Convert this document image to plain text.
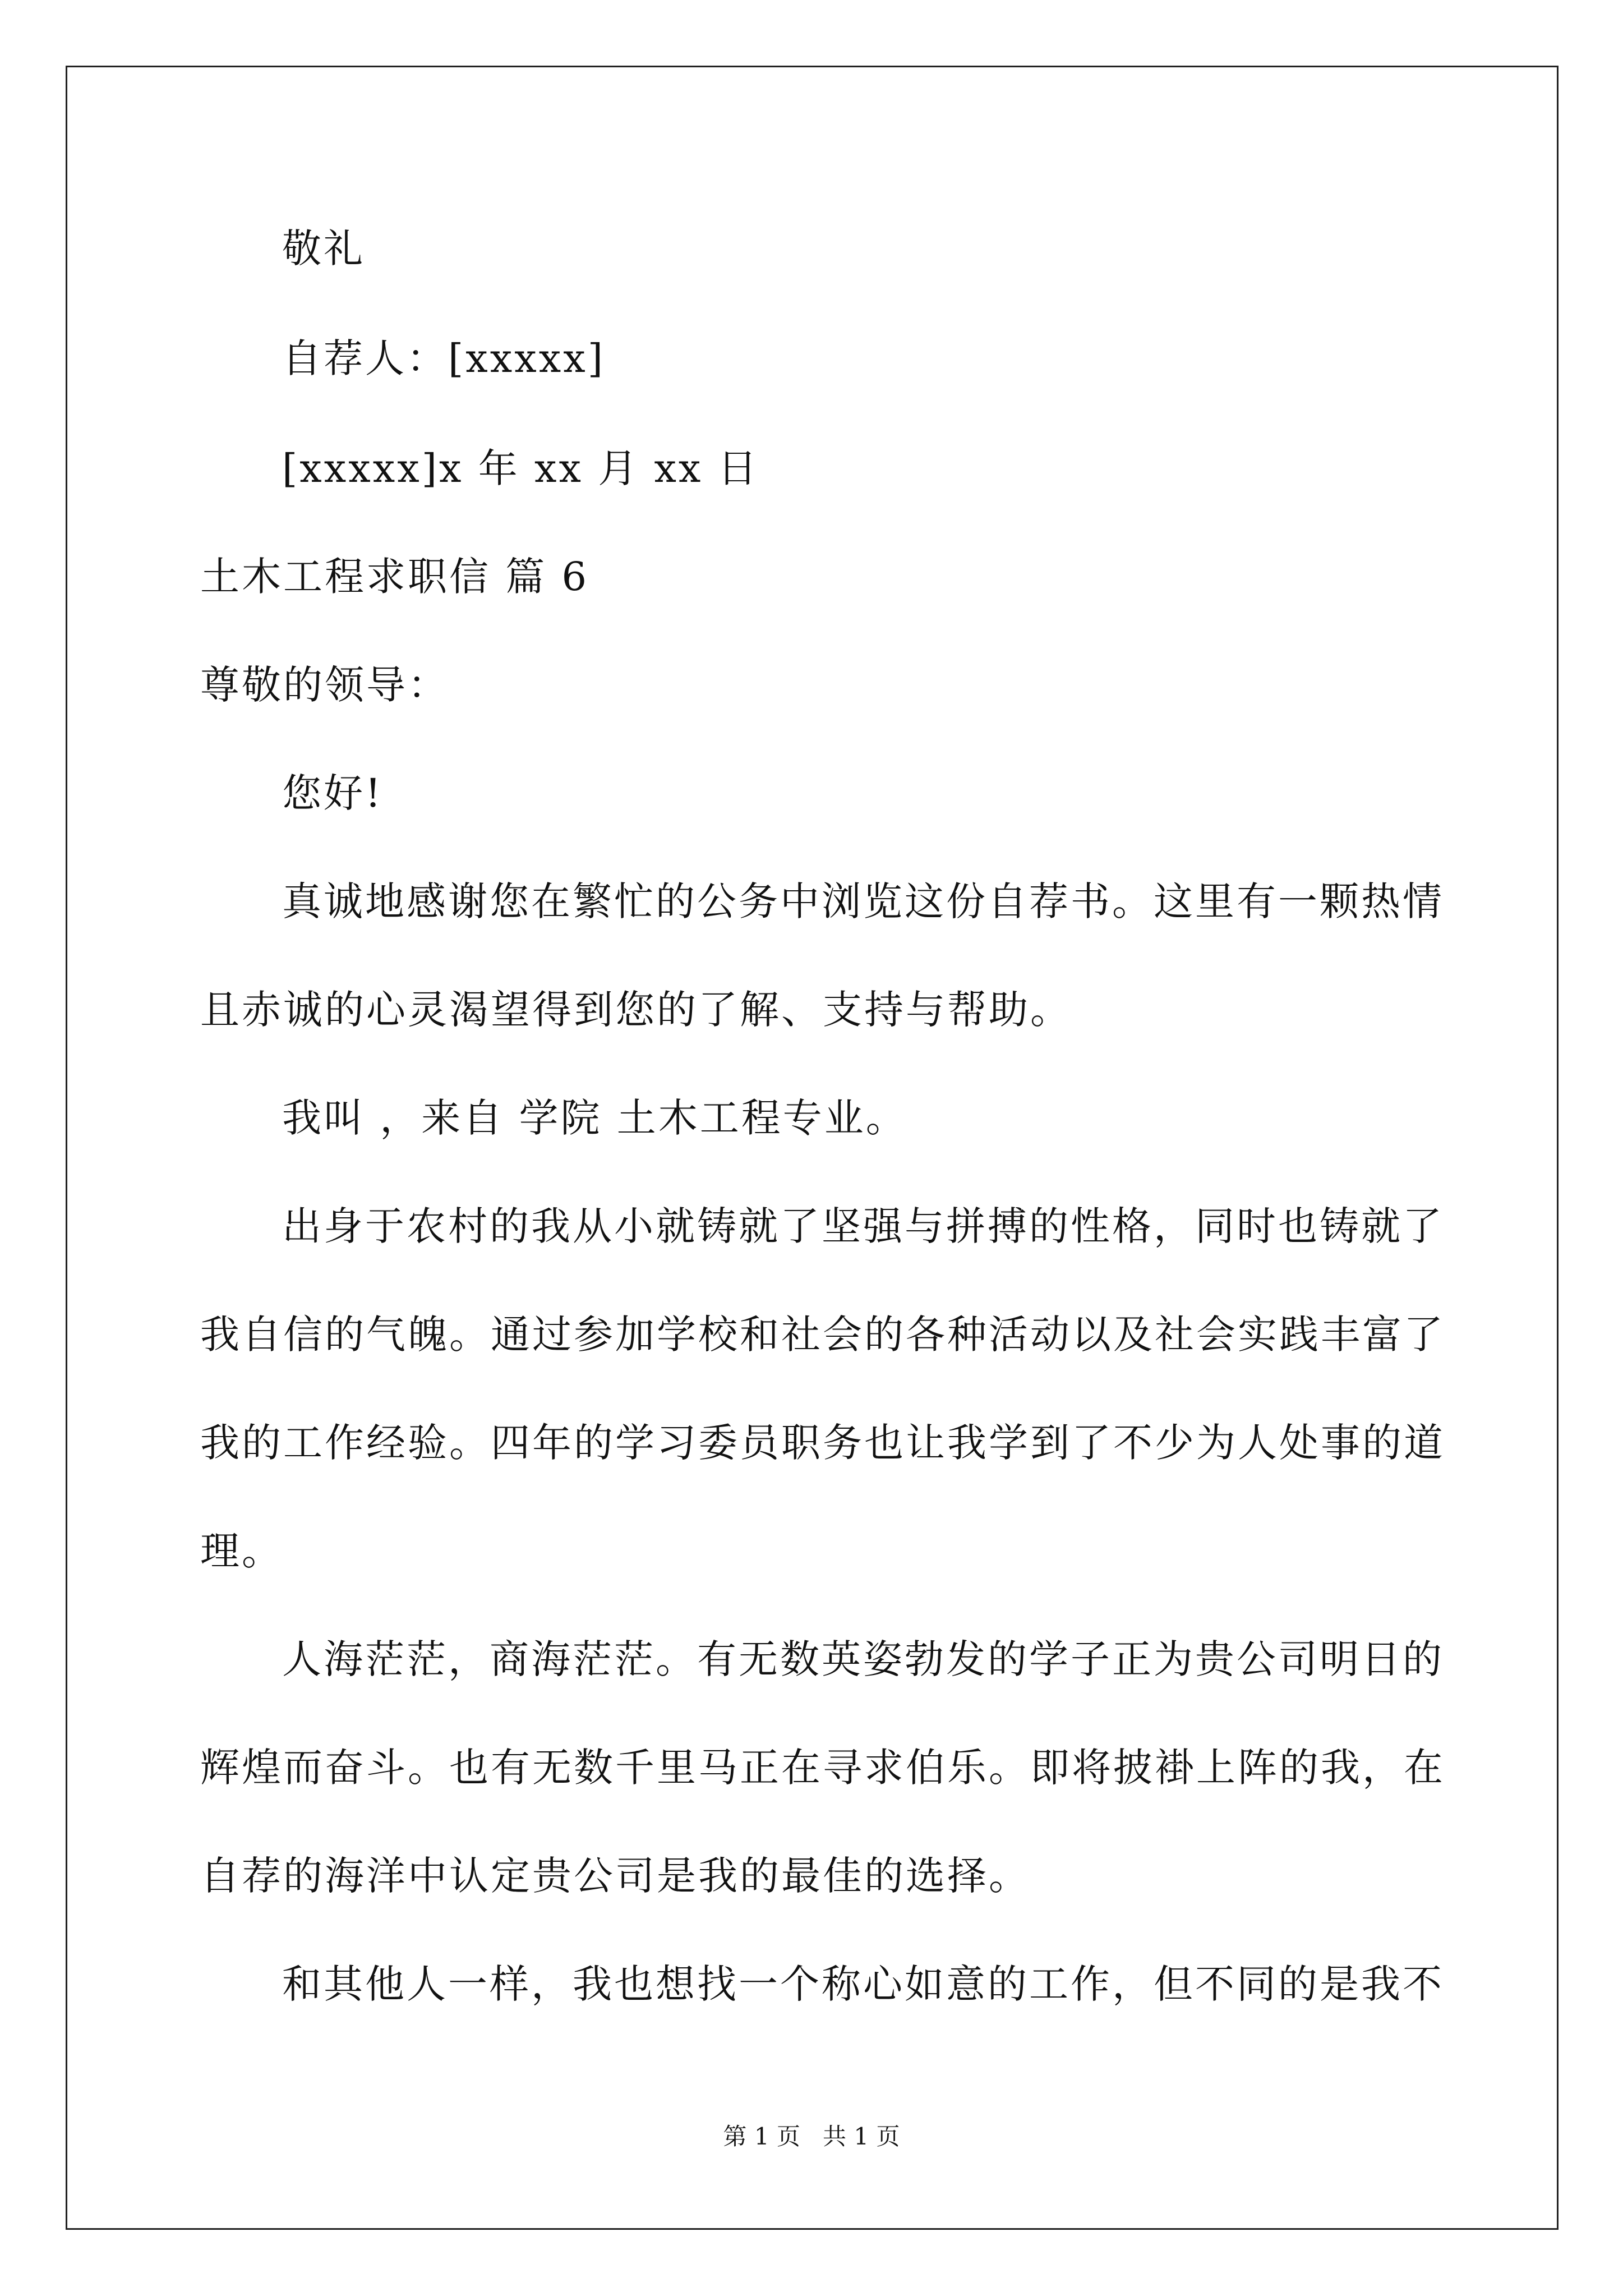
敬礼
自荐人：[xxxxx]
[xxxxx]x 年 xx 月 xx 日
土木工程求职信 篇 6
尊敬的领导：
您好!
真诚地感谢您在繁忙的公务中浏览这份自荐书。这里有一颗热情
且赤诚的心灵渴望得到您的了解、支持与帮助。
我叫 ，来自 学院 土木工程专业。
出身于农村的我从小就铸就了坚强与拼搏的性格，同时也铸就了
我自信的气魄。通过参加学校和社会的各种活动以及社会实践丰富了
我的工作经验。四年的学习委员职务也让我学到了不少为人处事的道
理。
人海茫茫，商海茫茫。有无数英姿勃发的学子正为贵公司明日的
辉煌而奋斗。也有无数千里马正在寻求伯乐。即将披褂上阵的我，在
自荐的海洋中认定贵公司是我的最佳的选择。
和其他人一样，我也想找一个称心如意的工作，但不同的是我不
第 1 页   共 1 页
